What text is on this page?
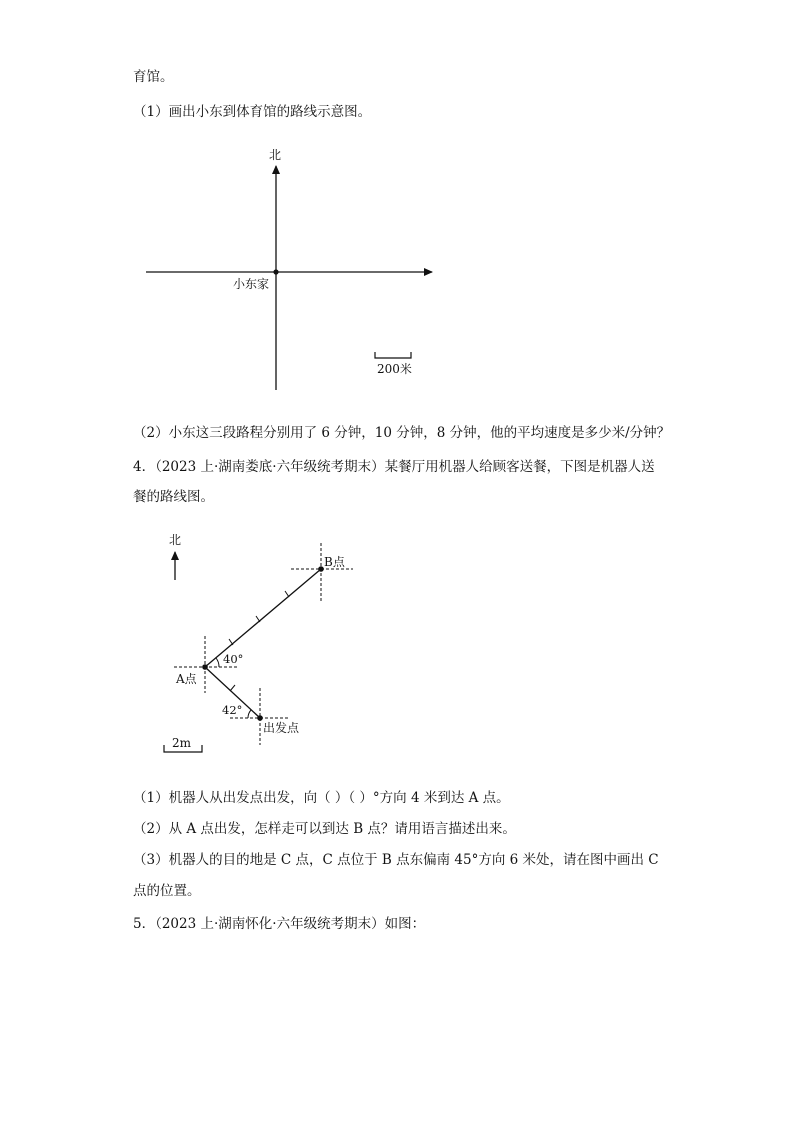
育馆。
（1）画出小东到体育馆的路线示意图。
北
小东家
200米
（2）小东这三段路程分别用了 6 分钟，10 分钟，8 分钟，他的平均速度是多少米/分钟？
4．（2023 上·湖南娄底·六年级统考期末）某餐厅用机器人给顾客送餐，下图是机器人送
餐的路线图。
北
B点
A点
出发点
40°
42°
2m
（1）机器人从出发点出发，向（ ）（ ）°方向 4 米到达 A 点。
（2）从 A 点出发，怎样走可以到达 B 点？请用语言描述出来。
（3）机器人的目的地是 C 点，C 点位于 B 点东偏南 45°方向 6 米处，请在图中画出 C
点的位置。
5．（2023 上·湖南怀化·六年级统考期末）如图：
